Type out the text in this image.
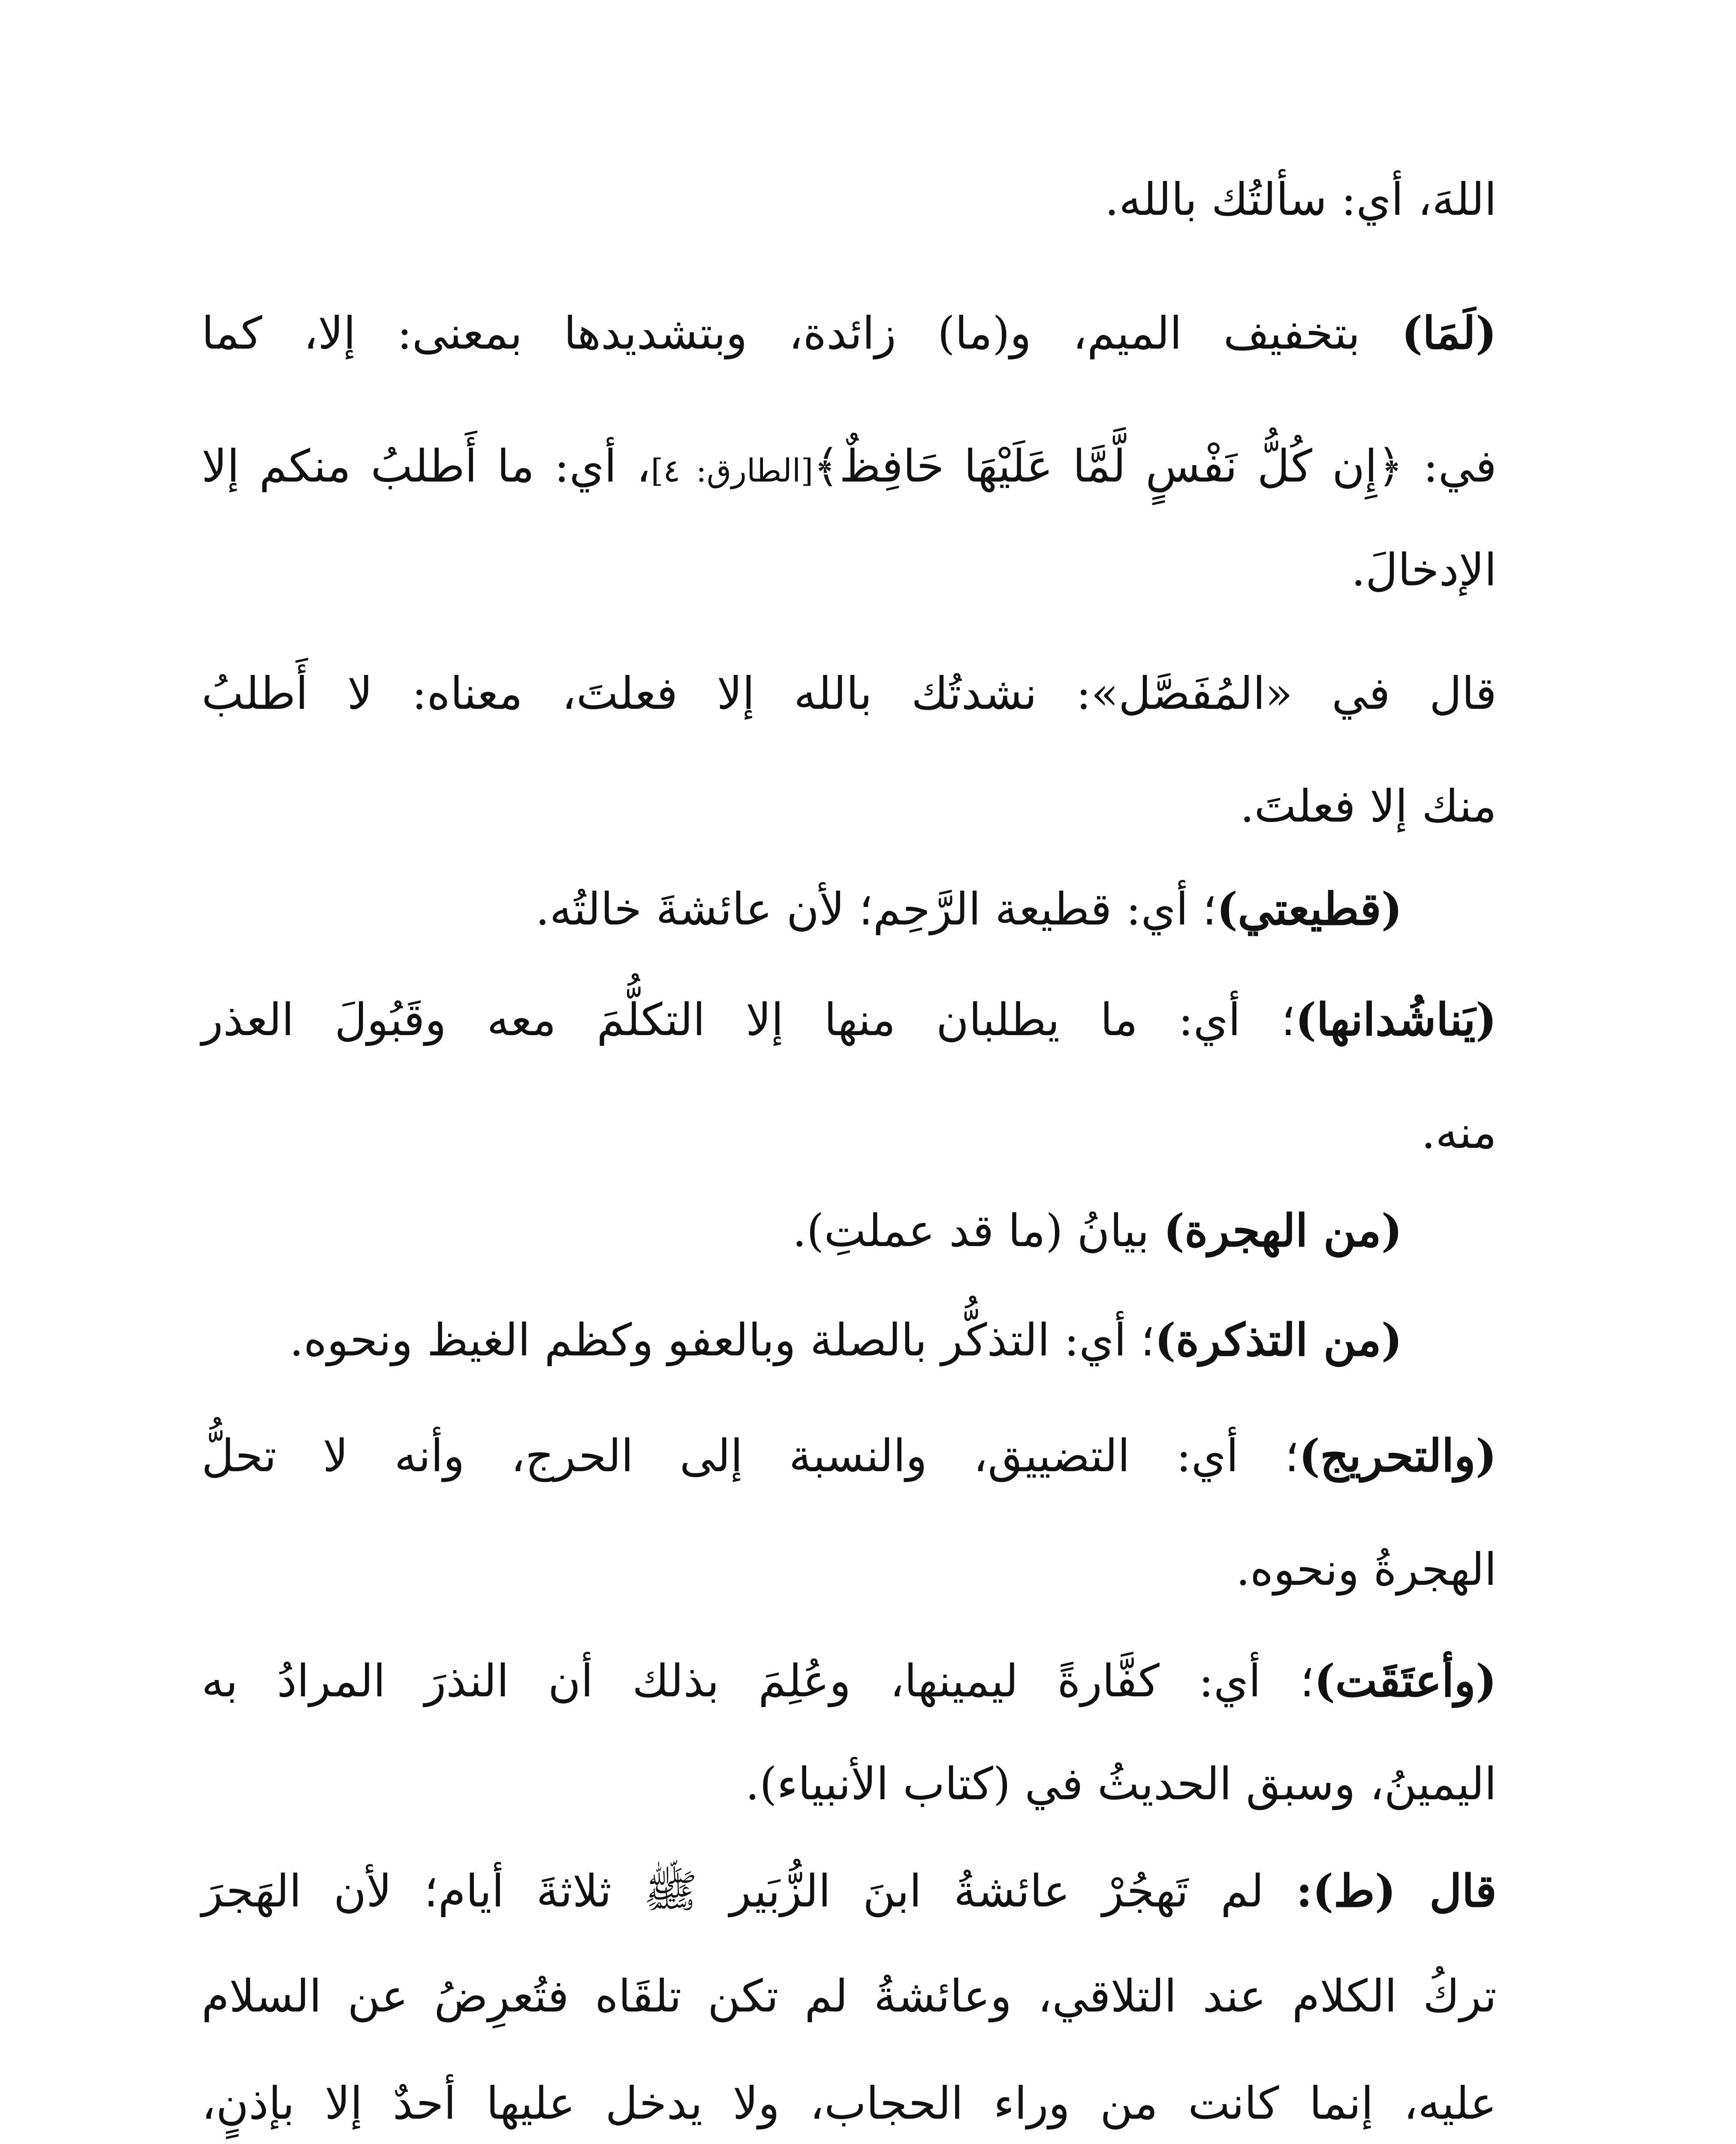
اللهَ، أي: سألتُك بالله.
(لَمَا) بتخفيف الميم، و(ما) زائدة، وبتشديدها بمعنى: إلا، كما
في: ﴿إِن كُلُّ نَفْسٍ لَّمَّا عَلَيْهَا حَافِظٌ﴾[الطارق: ٤]، أي: ما أَطلبُ منكم إلا
الإدخالَ.
قال في «المُفَصَّل»: نشدتُك بالله إلا فعلتَ، معناه: لا أَطلبُ
منك إلا فعلتَ.
(قطيعتي)؛ أي: قطيعة الرَّحِم؛ لأن عائشةَ خالتُه.
(يَناشُدانها)؛ أي: ما يطلبان منها إلا التكلُّمَ معه وقَبُولَ العذر
منه.
(من الهجرة) بيانُ (ما قد عملتِ).
(من التذكرة)؛ أي: التذكُّر بالصلة وبالعفو وكظم الغيظ ونحوه.
(والتحريج)؛ أي: التضييق، والنسبة إلى الحرج، وأنه لا تحلُّ
الهجرةُ ونحوه.
(وأعتَقَت)؛ أي: كفَّارةً ليمينها، وعُلِمَ بذلك أن النذرَ المرادُ به
اليمينُ، وسبق الحديثُ في (كتاب الأنبياء).
قال (ط): لم تَهجُرْ عائشةُ ابنَ الزُّبَير ﷺ ثلاثةَ أيام؛ لأن الهَجرَ
تركُ الكلام عند التلاقي، وعائشةُ لم تكن تلقَاه فتُعرِضُ عن السلام
عليه، إنما كانت من وراء الحجاب، ولا يدخل عليها أحدٌ إلا بإذنٍ،
